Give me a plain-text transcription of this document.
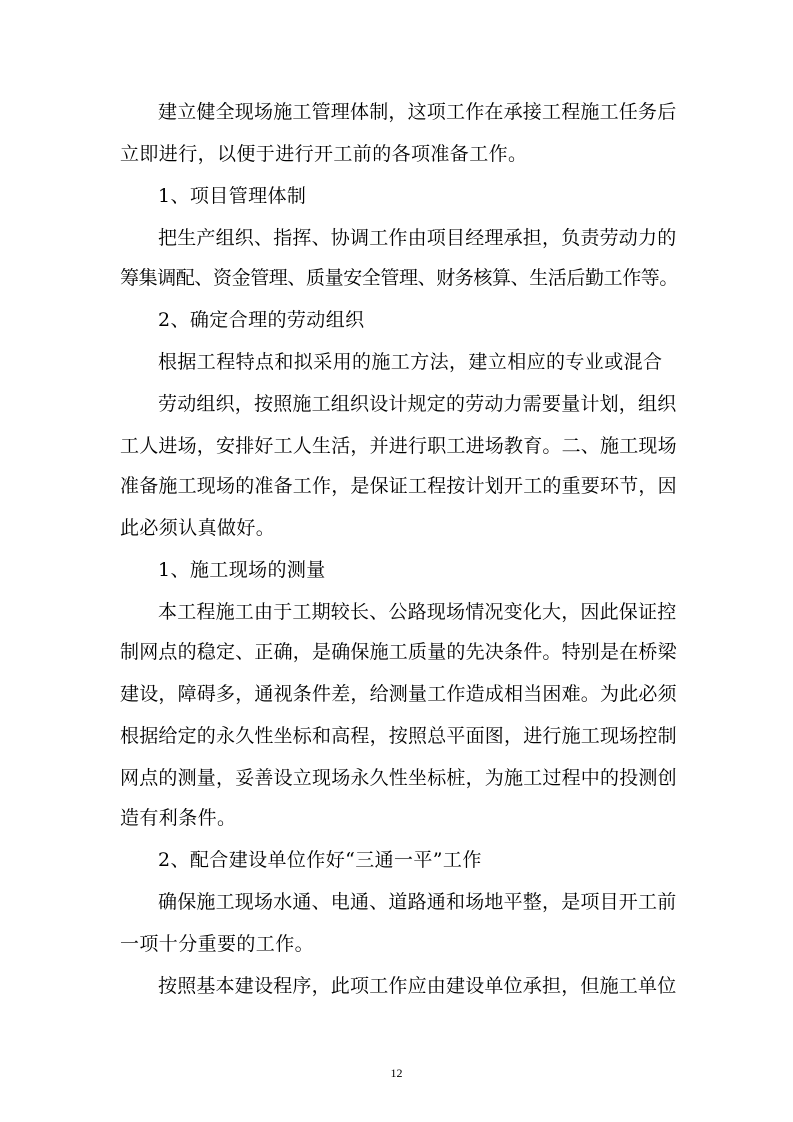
建立健全现场施工管理体制，这项工作在承接工程施工任务后
立即进行，以便于进行开工前的各项准备工作。
1、项目管理体制
把生产组织、指挥、协调工作由项目经理承担，负责劳动力的
筹集调配、资金管理、质量安全管理、财务核算、生活后勤工作等。
2、确定合理的劳动组织
根据工程特点和拟采用的施工方法，建立相应的专业或混合
劳动组织，按照施工组织设计规定的劳动力需要量计划，组织
工人进场，安排好工人生活，并进行职工进场教育。二、施工现场
准备施工现场的准备工作，是保证工程按计划开工的重要环节，因
此必须认真做好。
1、施工现场的测量
本工程施工由于工期较长、公路现场情况变化大，因此保证控
制网点的稳定、正确，是确保施工质量的先决条件。特别是在桥梁
建设，障碍多，通视条件差，给测量工作造成相当困难。为此必须
根据给定的永久性坐标和高程，按照总平面图，进行施工现场控制
网点的测量，妥善设立现场永久性坐标桩，为施工过程中的投测创
造有利条件。
2、配合建设单位作好“三通一平”工作
确保施工现场水通、电通、道路通和场地平整，是项目开工前
一项十分重要的工作。
按照基本建设程序，此项工作应由建设单位承担，但施工单位
12
